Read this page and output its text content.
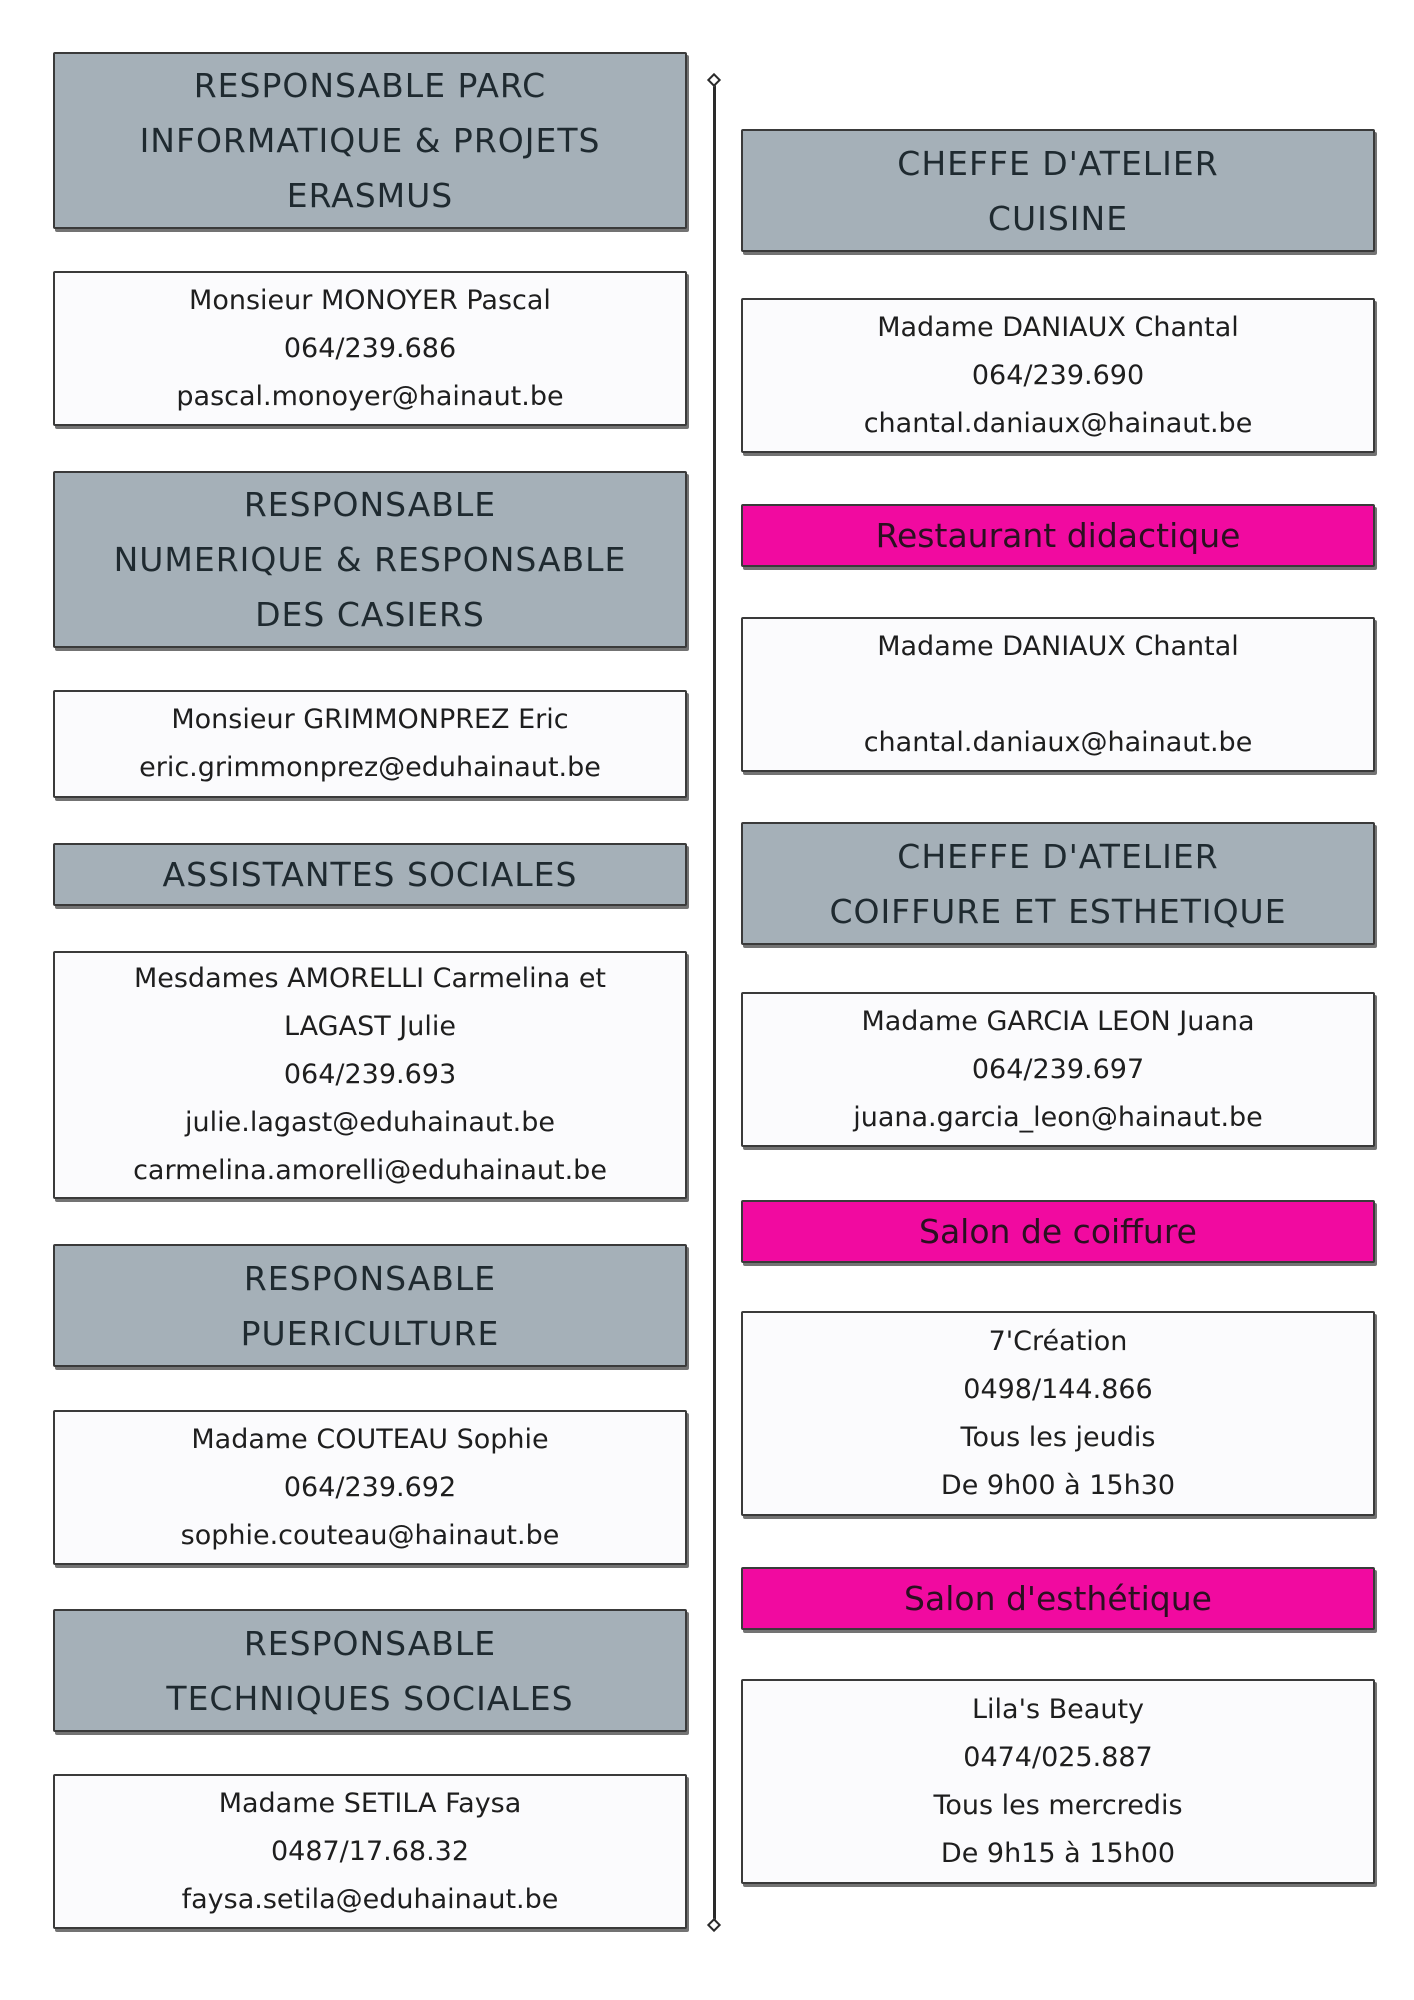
RESPONSABLE PARC
INFORMATIQUE & PROJETS
ERASMUS
Monsieur MONOYER Pascal
064/239.686
pascal.monoyer@hainaut.be
RESPONSABLE
NUMERIQUE & RESPONSABLE
DES CASIERS
Monsieur GRIMMONPREZ Eric
eric.grimmonprez@eduhainaut.be
ASSISTANTES SOCIALES
Mesdames AMORELLI Carmelina et
LAGAST Julie
064/239.693
julie.lagast@eduhainaut.be
carmelina.amorelli@eduhainaut.be
RESPONSABLE
PUERICULTURE
Madame COUTEAU Sophie
064/239.692
sophie.couteau@hainaut.be
RESPONSABLE
TECHNIQUES SOCIALES
Madame SETILA Faysa
0487/17.68.32
faysa.setila@eduhainaut.be
CHEFFE D'ATELIER
CUISINE
Madame DANIAUX Chantal
064/239.690
chantal.daniaux@hainaut.be
Restaurant didactique
Madame DANIAUX Chantal
chantal.daniaux@hainaut.be
CHEFFE D'ATELIER
COIFFURE ET ESTHETIQUE
Madame GARCIA LEON Juana
064/239.697
juana.garcia_leon@hainaut.be
Salon de coiffure
7'Création
0498/144.866
Tous les jeudis
De 9h00 à 15h30
Salon d'esthétique
Lila's Beauty
0474/025.887
Tous les mercredis
De 9h15 à 15h00
